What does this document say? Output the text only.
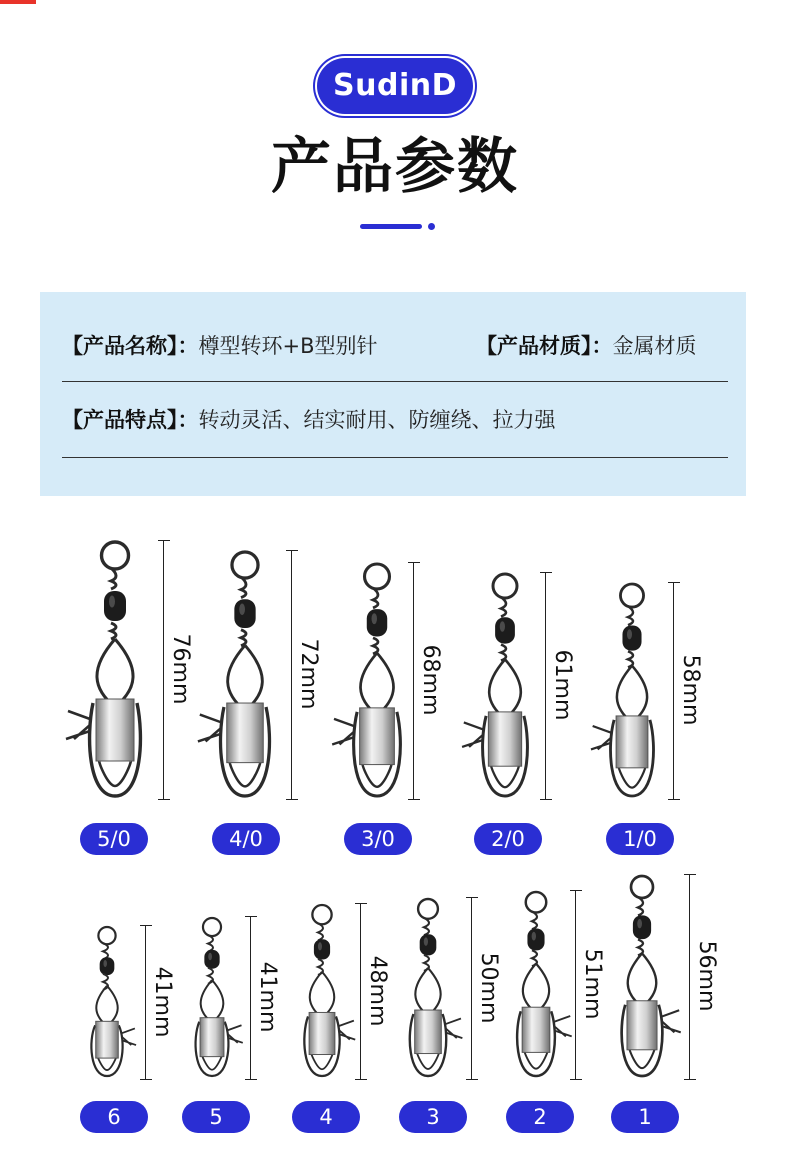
SudinD
产品参数
【产品名称】：樽型转环+B型别针	【产品材质】：金属材质
【产品特点】：转动灵活、结实耐用、防缠绕、拉力强
76mm
5/0
72mm
4/0
68mm
3/0
61mm
2/0
58mm
1/0
41mm
6
41mm
5
48mm
4
50mm
3
51mm
2
56mm
1
